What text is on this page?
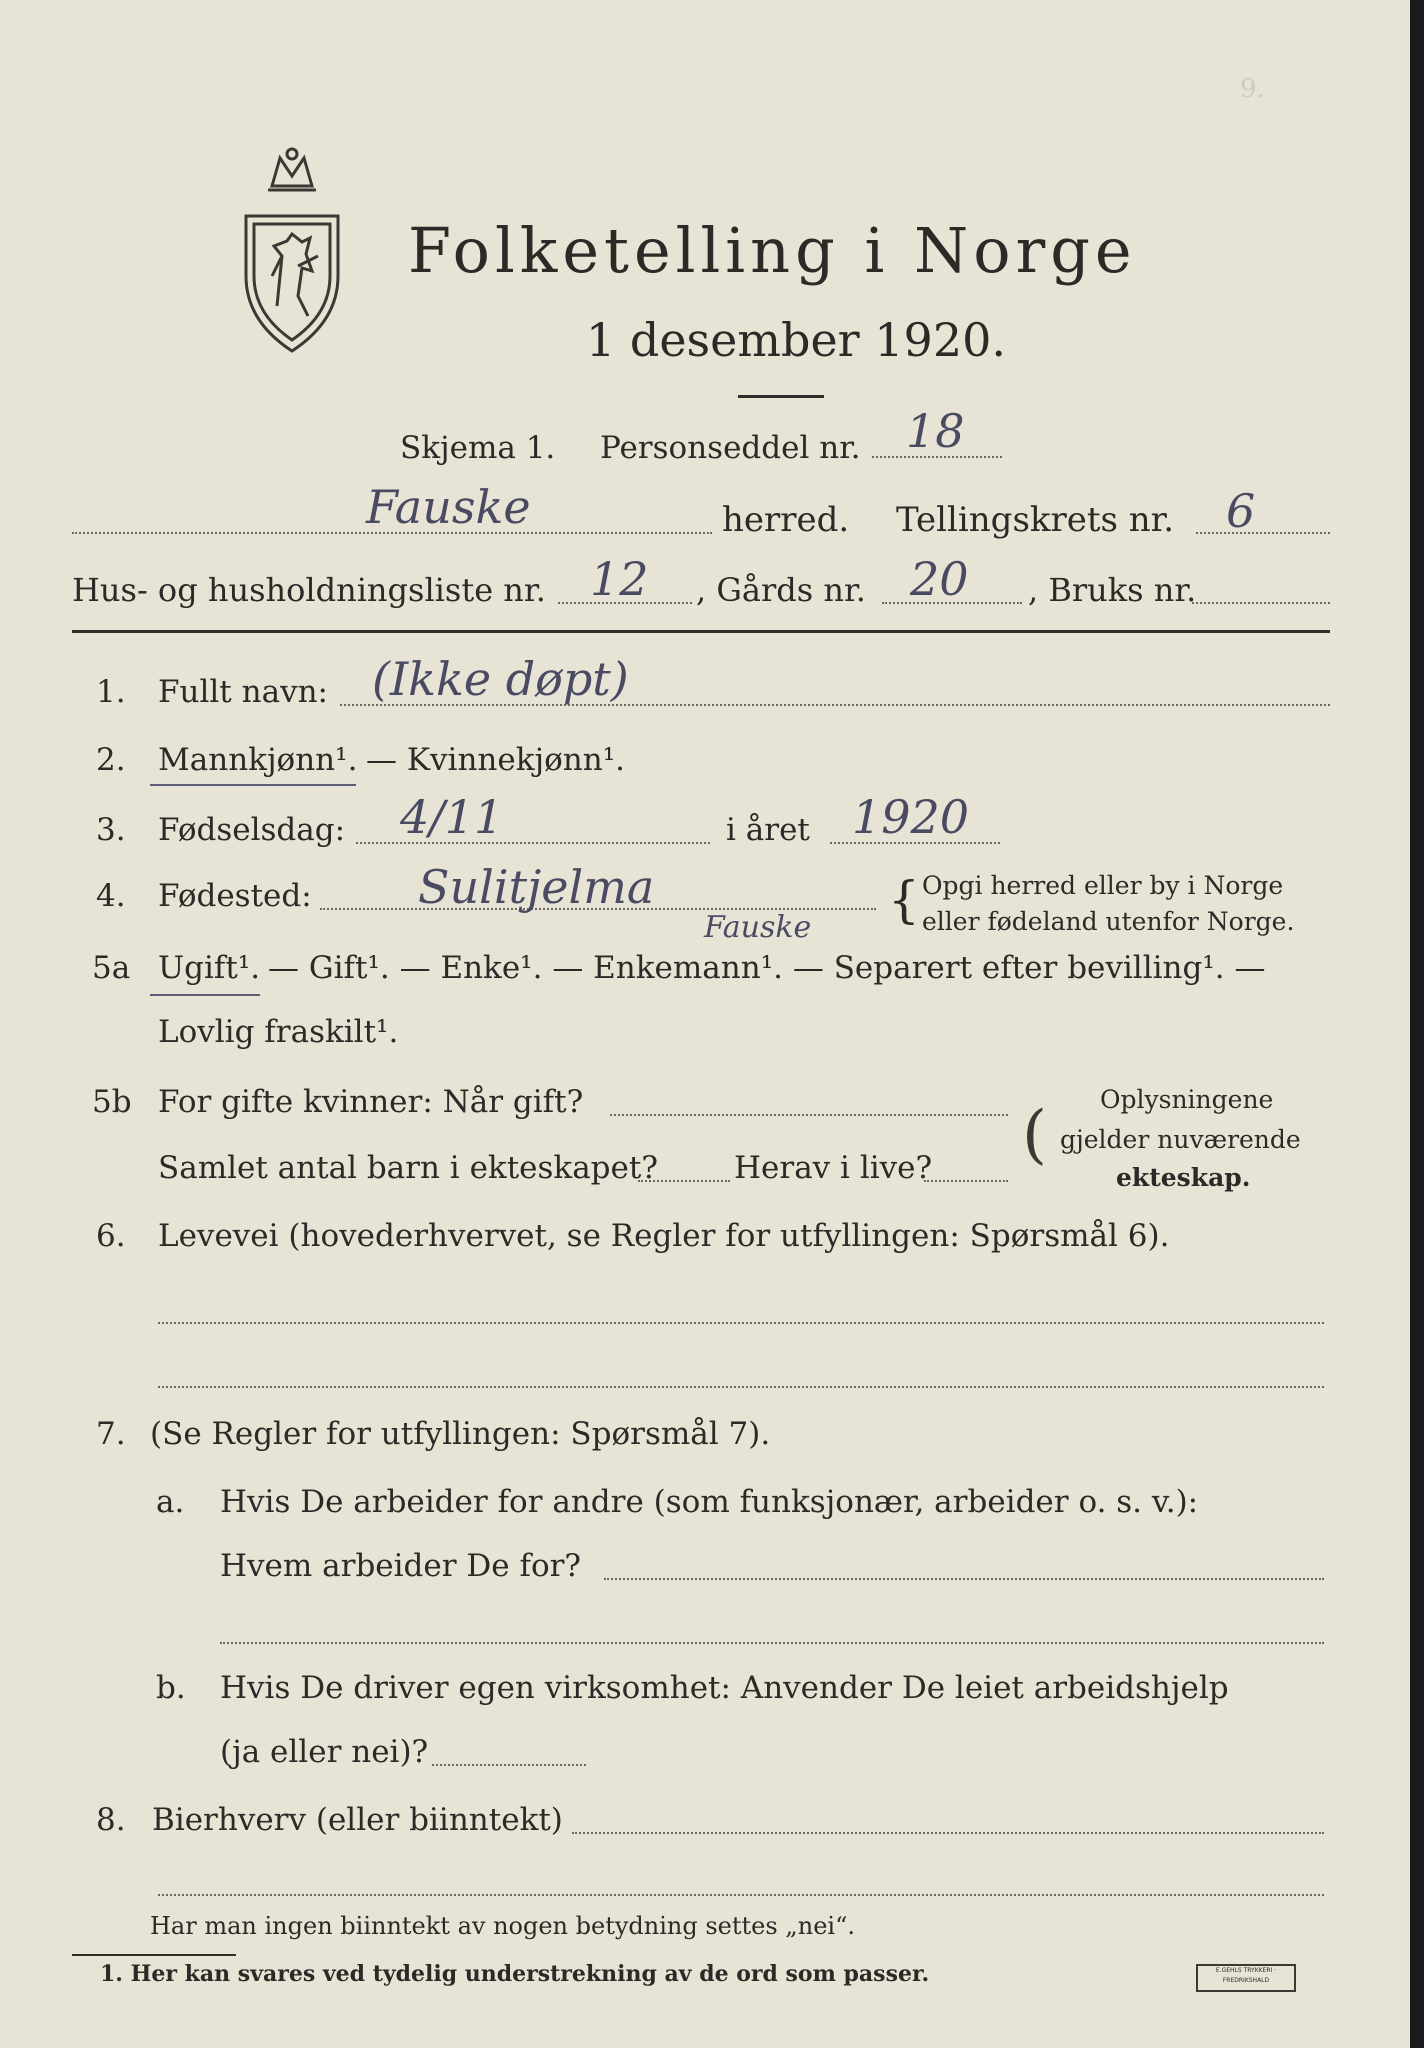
9.
Folketelling i Norge
1 desember 1920.
Skjema 1. Personseddel nr. 18
Fauske	herred. Tellingskrets nr. 6
Hus- og husholdningsliste nr. 12 , Gårds nr. 20 , Bruks nr.
1. Fullt navn: (Ikke døpt)
2. Mannkjønn¹. — Kvinnekjønn¹.
3. Fødselsdag: 4/11	i året 1920
4. Fødested: Sulitjelma
Fauske { Opgi herred eller by i Norge
eller fødeland utenfor Norge.
5a Ugift¹. — Gift¹. — Enke¹. — Enkemann¹. — Separert efter bevilling¹. —
Lovlig fraskilt¹.
5b For gifte kvinner: Når gift?
Samlet antal barn i ekteskapet? Herav i live? ( Oplysningene
gjelder nuværende
ekteskap.
6. Levevei (hovederhvervet, se Regler for utfyllingen: Spørsmål 6).
7. (Se Regler for utfyllingen: Spørsmål 7).
a. Hvis De arbeider for andre (som funksjonær, arbeider o. s. v.):
Hvem arbeider De for?
b. Hvis De driver egen virksomhet: Anvender De leiet arbeidshjelp
(ja eller nei)?
8. Bierhverv (eller biinntekt)
Har man ingen biinntekt av nogen betydning settes „nei“.
1. Her kan svares ved tydelig understrekning av de ord som passer.	E.GEHLS TRYKKERI · FREDRIKSHALD
